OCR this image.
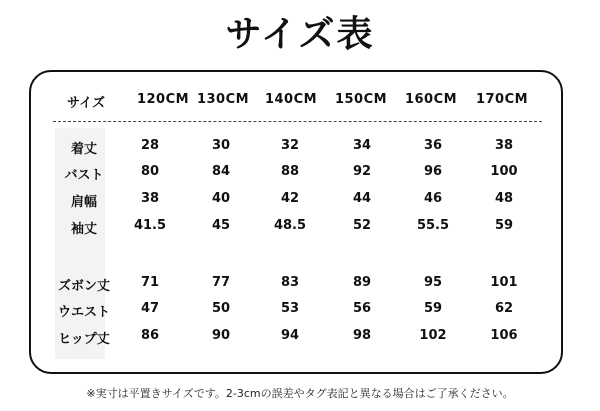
サイズ表
サイズ	120CM 130CM	140CM	150CM	160CM	170CM
着丈	28	30	32	34	36	38
バスト	80	84	88	92	96	100
肩幅	38	40	42	44	46	48
袖丈	41.5	45	48.5	52	55.5	59
ズボン丈	71	77	83	89	95	101
ウエスト	47	50	53	56	59	62
ヒップ丈	86	90	94	98	102	106
※実寸は平置きサイズです。2-3cmの誤差やタグ表記と異なる場合はご了承ください。
